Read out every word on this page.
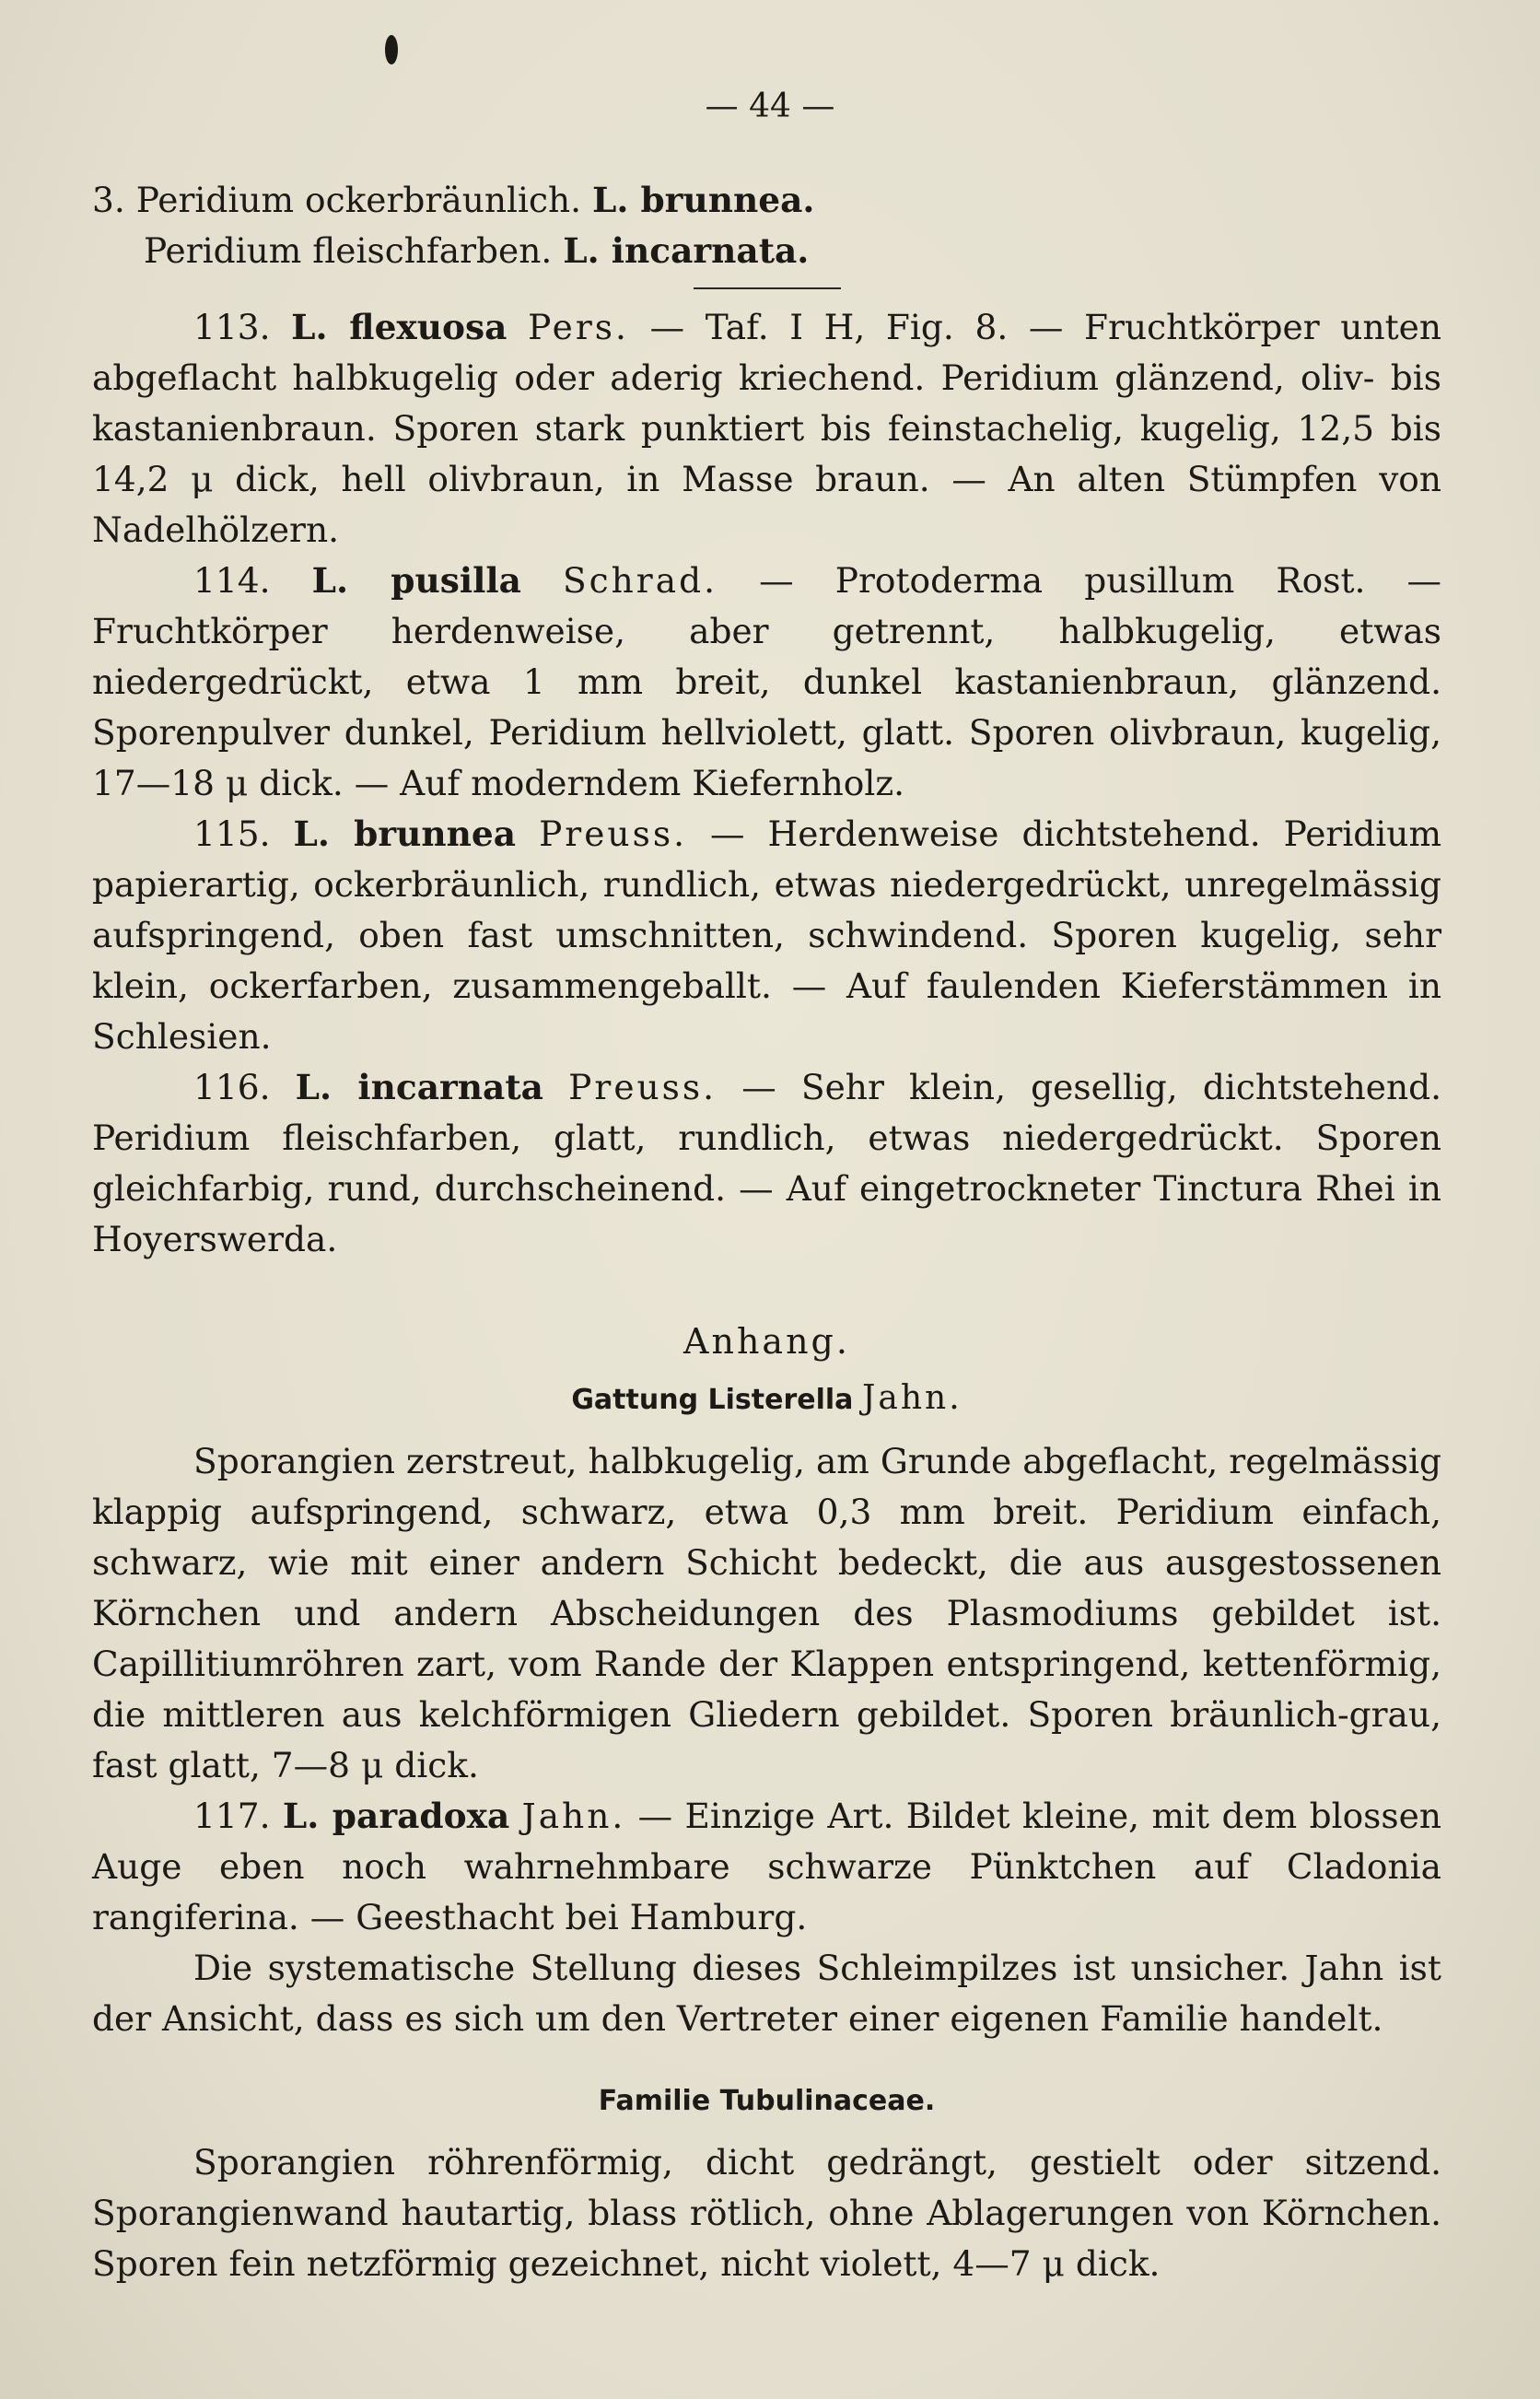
— 44 —

3. Peridium ockerbräunlich. L. brunnea.

Peridium fleischfarben. L. incarnata.

113. L. flexuosa Pers. — Taf. I H, Fig. 8. — Fruchtkörper unten abgeflacht halbkugelig oder aderig kriechend. Peridium glänzend, oliv- bis kastanienbraun. Sporen stark punktiert bis feinstachelig, kugelig, 12,5 bis 14,2 μ dick, hell olivbraun, in Masse braun. — An alten Stümpfen von Nadelhölzern.

114. L. pusilla Schrad. — Protoderma pusillum Rost. — Fruchtkörper herdenweise, aber getrennt, halbkugelig, etwas niedergedrückt, etwa 1 mm breit, dunkel kastanienbraun, glänzend. Sporenpulver dunkel, Peridium hellviolett, glatt. Sporen olivbraun, kugelig, 17—18 μ dick. — Auf moderndem Kiefernholz.

115. L. brunnea Preuss. — Herdenweise dichtstehend. Peridium papierartig, ockerbräunlich, rundlich, etwas niedergedrückt, unregelmässig aufspringend, oben fast umschnitten, schwindend. Sporen kugelig, sehr klein, ockerfarben, zusammengeballt. — Auf faulenden Kieferstämmen in Schlesien.

116. L. incarnata Preuss. — Sehr klein, gesellig, dichtstehend. Peridium fleischfarben, glatt, rundlich, etwas niedergedrückt. Sporen gleichfarbig, rund, durchscheinend. — Auf eingetrockneter Tinctura Rhei in Hoyerswerda.

Anhang.

Gattung Listerella Jahn.

Sporangien zerstreut, halbkugelig, am Grunde abgeflacht, regelmässig klappig aufspringend, schwarz, etwa 0,3 mm breit. Peridium einfach, schwarz, wie mit einer andern Schicht bedeckt, die aus ausgestossenen Körnchen und andern Abscheidungen des Plasmodiums gebildet ist. Capillitiumröhren zart, vom Rande der Klappen entspringend, kettenförmig, die mittleren aus kelchförmigen Gliedern gebildet. Sporen bräunlich-grau, fast glatt, 7—8 μ dick.

117. L. paradoxa Jahn. — Einzige Art. Bildet kleine, mit dem blossen Auge eben noch wahrnehmbare schwarze Pünktchen auf Cladonia rangiferina. — Geesthacht bei Hamburg.

Die systematische Stellung dieses Schleimpilzes ist unsicher. Jahn ist der Ansicht, dass es sich um den Vertreter einer eigenen Familie handelt.

Familie Tubulinaceae.

Sporangien röhrenförmig, dicht gedrängt, gestielt oder sitzend. Sporangienwand hautartig, blass rötlich, ohne Ablagerungen von Körnchen. Sporen fein netzförmig gezeichnet, nicht violett, 4—7 μ dick.
